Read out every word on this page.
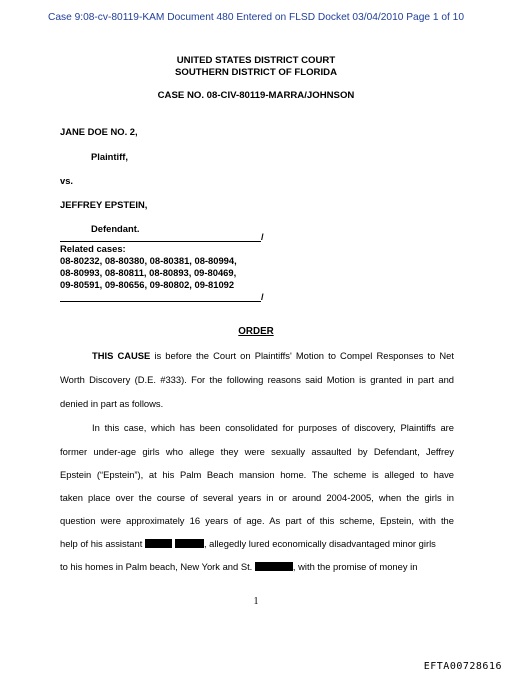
Case 9:08-cv-80119-KAM Document 480 Entered on FLSD Docket 03/04/2010 Page 1 of 10
UNITED STATES DISTRICT COURT
SOUTHERN DISTRICT OF FLORIDA
CASE NO. 08-CIV-80119-MARRA/JOHNSON
JANE DOE NO. 2,
Plaintiff,
vs.
JEFFREY EPSTEIN,
Defendant.
/
Related cases:
08-80232, 08-80380, 08-80381, 08-80994,
08-80993, 08-80811, 08-80893, 09-80469,
09-80591, 09-80656, 09-80802, 09-81092
/
ORDER
THIS CAUSE is before the Court on Plaintiffs' Motion to Compel Responses to Net
Worth Discovery (D.E. #333). For the following reasons said Motion is granted in part and
denied in part as follows.
In this case, which has been consolidated for purposes of discovery, Plaintiffs are
former under-age girls who allege they were sexually assaulted by Defendant, Jeffrey
Epstein (“Epstein”), at his Palm Beach mansion home. The scheme is alleged to have
taken place over the course of several years in or around 2004-2005, when the girls in
question were approximately 16 years of age. As part of this scheme, Epstein, with the
help of his assistant	, allegedly lured economically disadvantaged minor girls
to his homes in Palm beach, New York and St.	, with the promise of money in
1
EFTA00728616
